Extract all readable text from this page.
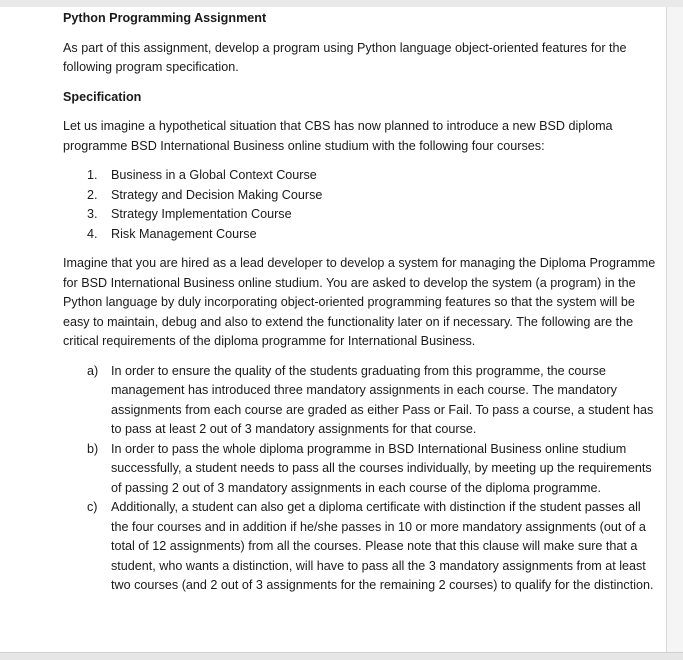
Python Programming Assignment

As part of this assignment, develop a program using Python language object-oriented features for the following program specification.

Specification

Let us imagine a hypothetical situation that CBS has now planned to introduce a new BSD diploma programme BSD International Business online studium with the following four courses:

1. Business in a Global Context Course
2. Strategy and Decision Making Course
3. Strategy Implementation Course
4. Risk Management Course

Imagine that you are hired as a lead developer to develop a system for managing the Diploma Programme for BSD International Business online studium. You are asked to develop the system (a program) in the Python language by duly incorporating object-oriented programming features so that the system will be easy to maintain, debug and also to extend the functionality later on if necessary. The following are the critical requirements of the diploma programme for International Business.

a) In order to ensure the quality of the students graduating from this programme, the course management has introduced three mandatory assignments in each course. The mandatory assignments from each course are graded as either Pass or Fail. To pass a course, a student has to pass at least 2 out of 3 mandatory assignments for that course.
b) In order to pass the whole diploma programme in BSD International Business online studium successfully, a student needs to pass all the courses individually, by meeting up the requirements of passing 2 out of 3 mandatory assignments in each course of the diploma programme.
c) Additionally, a student can also get a diploma certificate with distinction if the student passes all the four courses and in addition if he/she passes in 10 or more mandatory assignments (out of a total of 12 assignments) from all the courses. Please note that this clause will make sure that a student, who wants a distinction, will have to pass all the 3 mandatory assignments from at least two courses (and 2 out of 3 assignments for the remaining 2 courses) to qualify for the distinction.
